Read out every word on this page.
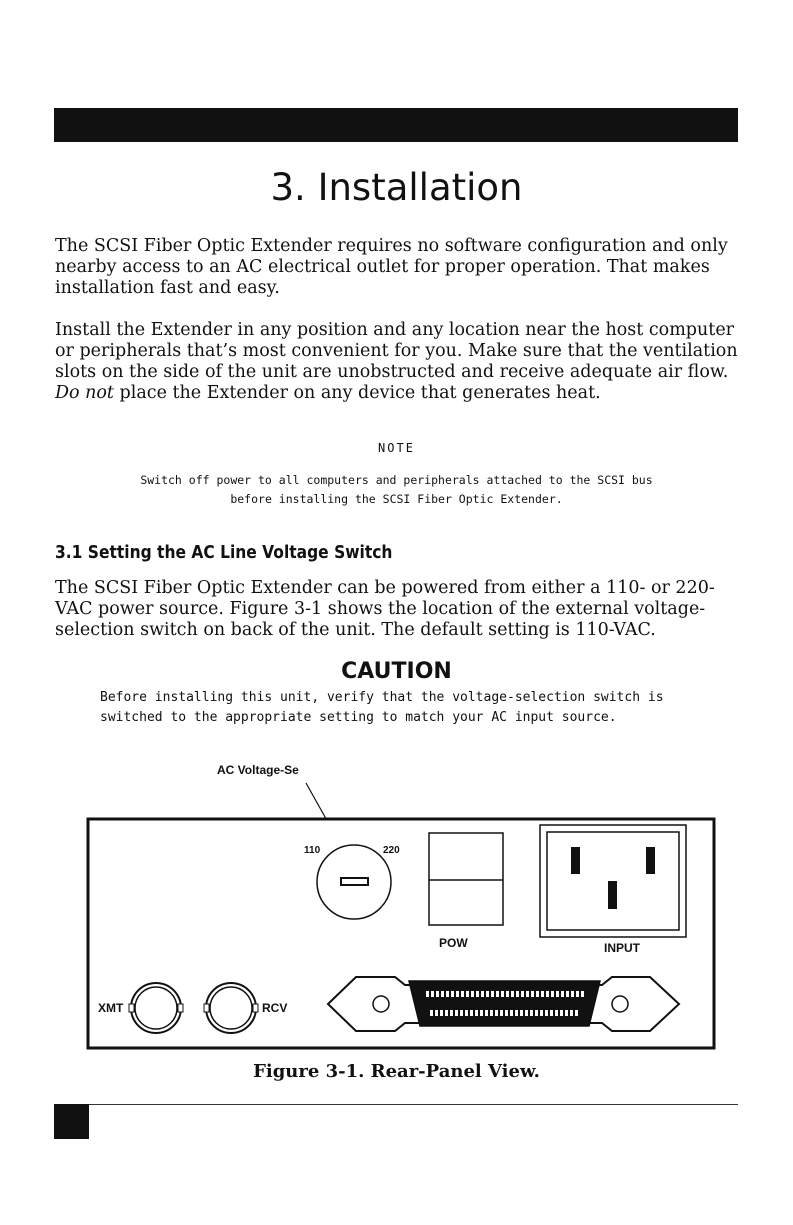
3. Installation

The SCSI Fiber Optic Extender requires no software configuration and only nearby access to an AC electrical outlet for proper operation. That makes installation fast and easy.

Install the Extender in any position and any location near the host computer or peripherals that’s most convenient for you. Make sure that the ventilation slots on the side of the unit are unobstructed and receive adequate air flow. Do not place the Extender on any device that generates heat.

NOTE

Switch off power to all computers and peripherals attached to the SCSI bus
before installing the SCSI Fiber Optic Extender.
3.1 Setting the AC Line Voltage Switch

The SCSI Fiber Optic Extender can be powered from either a 110- or 220-VAC power source. Figure 3-1 shows the location of the external voltage-selection switch on back of the unit. The default setting is 110-VAC.

CAUTION

Before installing this unit, verify that the voltage-selection switch is
switched to the appropriate setting to match your AC input source.
AC Voltage-Se
110	220
POW	INPUT
XMT	RCV

Figure 3-1. Rear-Panel View.
